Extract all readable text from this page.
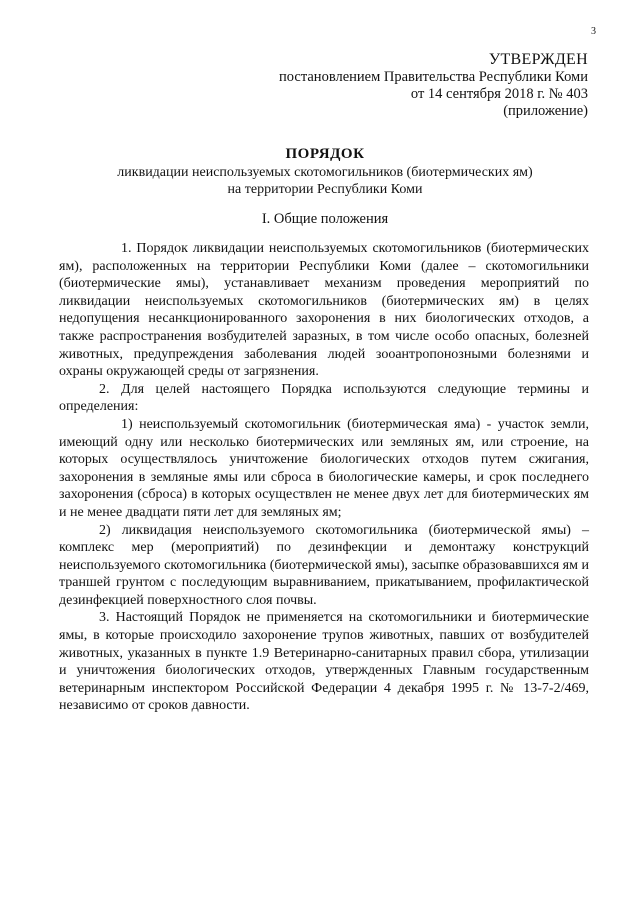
3
УТВЕРЖДЕН
постановлением Правительства Республики Коми
от 14 сентября 2018 г. № 403
(приложение)
ПОРЯДОК
ликвидации неиспользуемых скотомогильников (биотермических ям)
на территории Республики Коми
I. Общие положения

1. Порядок ликвидации неиспользуемых скотомогильников (биотермических ям), расположенных на территории Республики Коми (далее – скотомогильники (биотермические ямы), устанавливает механизм проведения мероприятий по ликвидации неиспользуемых скотомогильников (биотермических ям) в целях недопущения несанкционированного захоронения в них биологических отходов, а также распространения возбудителей заразных, в том числе особо опасных, болезней животных, предупреждения заболевания людей зооантропонозными болезнями и охраны окружающей среды от загрязнения.

2. Для целей настоящего Порядка используются следующие термины и определения:

1) неиспользуемый скотомогильник (биотермическая яма) - участок земли, имеющий одну или несколько биотермических или земляных ям, или строение, на которых осуществлялось уничтожение биологических отходов путем сжигания, захоронения в земляные ямы или сброса в биологические камеры, и срок последнего захоронения (сброса) в которых осуществлен не менее двух лет для биотермических ям и не менее двадцати пяти лет для земляных ям;

2) ликвидация неиспользуемого скотомогильника (биотермической ямы) – комплекс мер (мероприятий) по дезинфекции и демонтажу конструкций неиспользуемого скотомогильника (биотермической ямы), засыпке образовавшихся ям и траншей грунтом с последующим выравниванием, прикатыванием, профилактической дезинфекцией поверхностного слоя почвы.

3. Настоящий Порядок не применяется на скотомогильники и биотермические ямы, в которые происходило захоронение трупов животных, павших от возбудителей животных, указанных в пункте 1.9 Ветеринарно-санитарных правил сбора, утилизации и уничтожения биологических отходов, утвержденных Главным государственным ветеринарным инспектором Российской Федерации 4 декабря 1995 г. № 13-7-2/469, независимо от сроков давности.
